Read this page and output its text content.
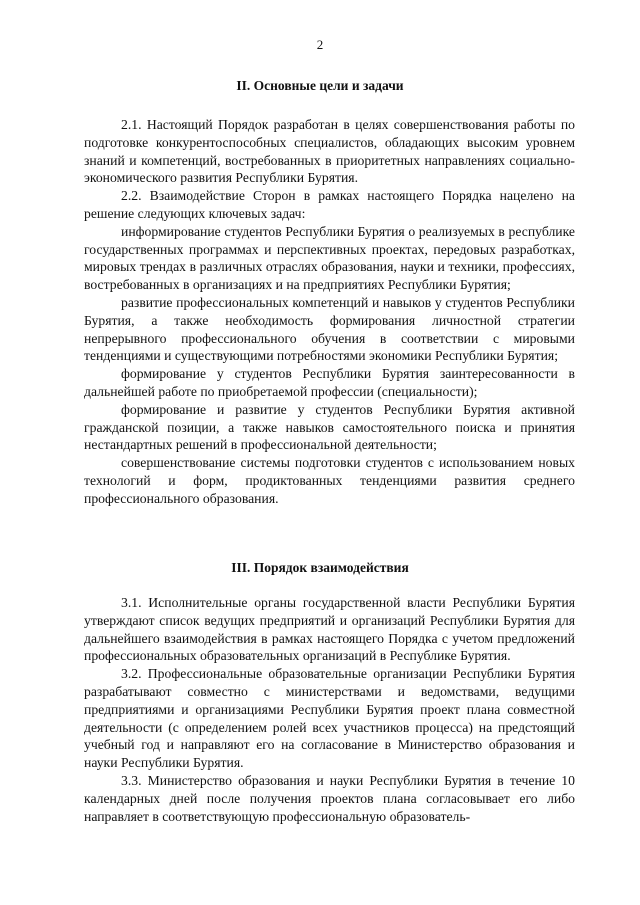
2
II. Основные цели и задачи

2.1. Настоящий Порядок разработан в целях совершенствования работы по подготовке конкурентоспособных специалистов, обладающих высоким уровнем знаний и компетенций, востребованных в приоритетных направлениях социально-экономического развития Республики Бурятия.

2.2. Взаимодействие Сторон в рамках настоящего Порядка нацелено на решение следующих ключевых задач:

информирование студентов Республики Бурятия о реализуемых в республике государственных программах и перспективных проектах, передовых разработках, мировых трендах в различных отраслях образования, науки и техники, профессиях, востребованных в организациях и на предприятиях Республики Бурятия;

развитие профессиональных компетенций и навыков у студентов Республики Бурятия, а также необходимость формирования личностной стратегии непрерывного профессионального обучения в соответствии с мировыми тенденциями и существующими потребностями экономики Республики Бурятия;

формирование у студентов Республики Бурятия заинтересованности в дальнейшей работе по приобретаемой профессии (специальности);

формирование и развитие у студентов Республики Бурятия активной гражданской позиции, а также навыков самостоятельного поиска и принятия нестандартных решений в профессиональной деятельности;

совершенствование системы подготовки студентов с использованием новых технологий и форм, продиктованных тенденциями развития среднего профессионального образования.

III. Порядок взаимодействия

3.1. Исполнительные органы государственной власти Республики Бурятия утверждают список ведущих предприятий и организаций Республики Бурятия для дальнейшего взаимодействия в рамках настоящего Порядка с учетом предложений профессиональных образовательных организаций в Республике Бурятия.

3.2. Профессиональные образовательные организации Республики Бурятия разрабатывают совместно с министерствами и ведомствами, ведущими предприятиями и организациями Республики Бурятия проект плана совместной деятельности (с определением ролей всех участников процесса) на предстоящий учебный год и направляют его на согласование в Министерство образования и науки Республики Бурятия.

3.3. Министерство образования и науки Республики Бурятия в течение 10 календарных дней после получения проектов плана согласовывает его либо направляет в соответствующую профессиональную образователь-
